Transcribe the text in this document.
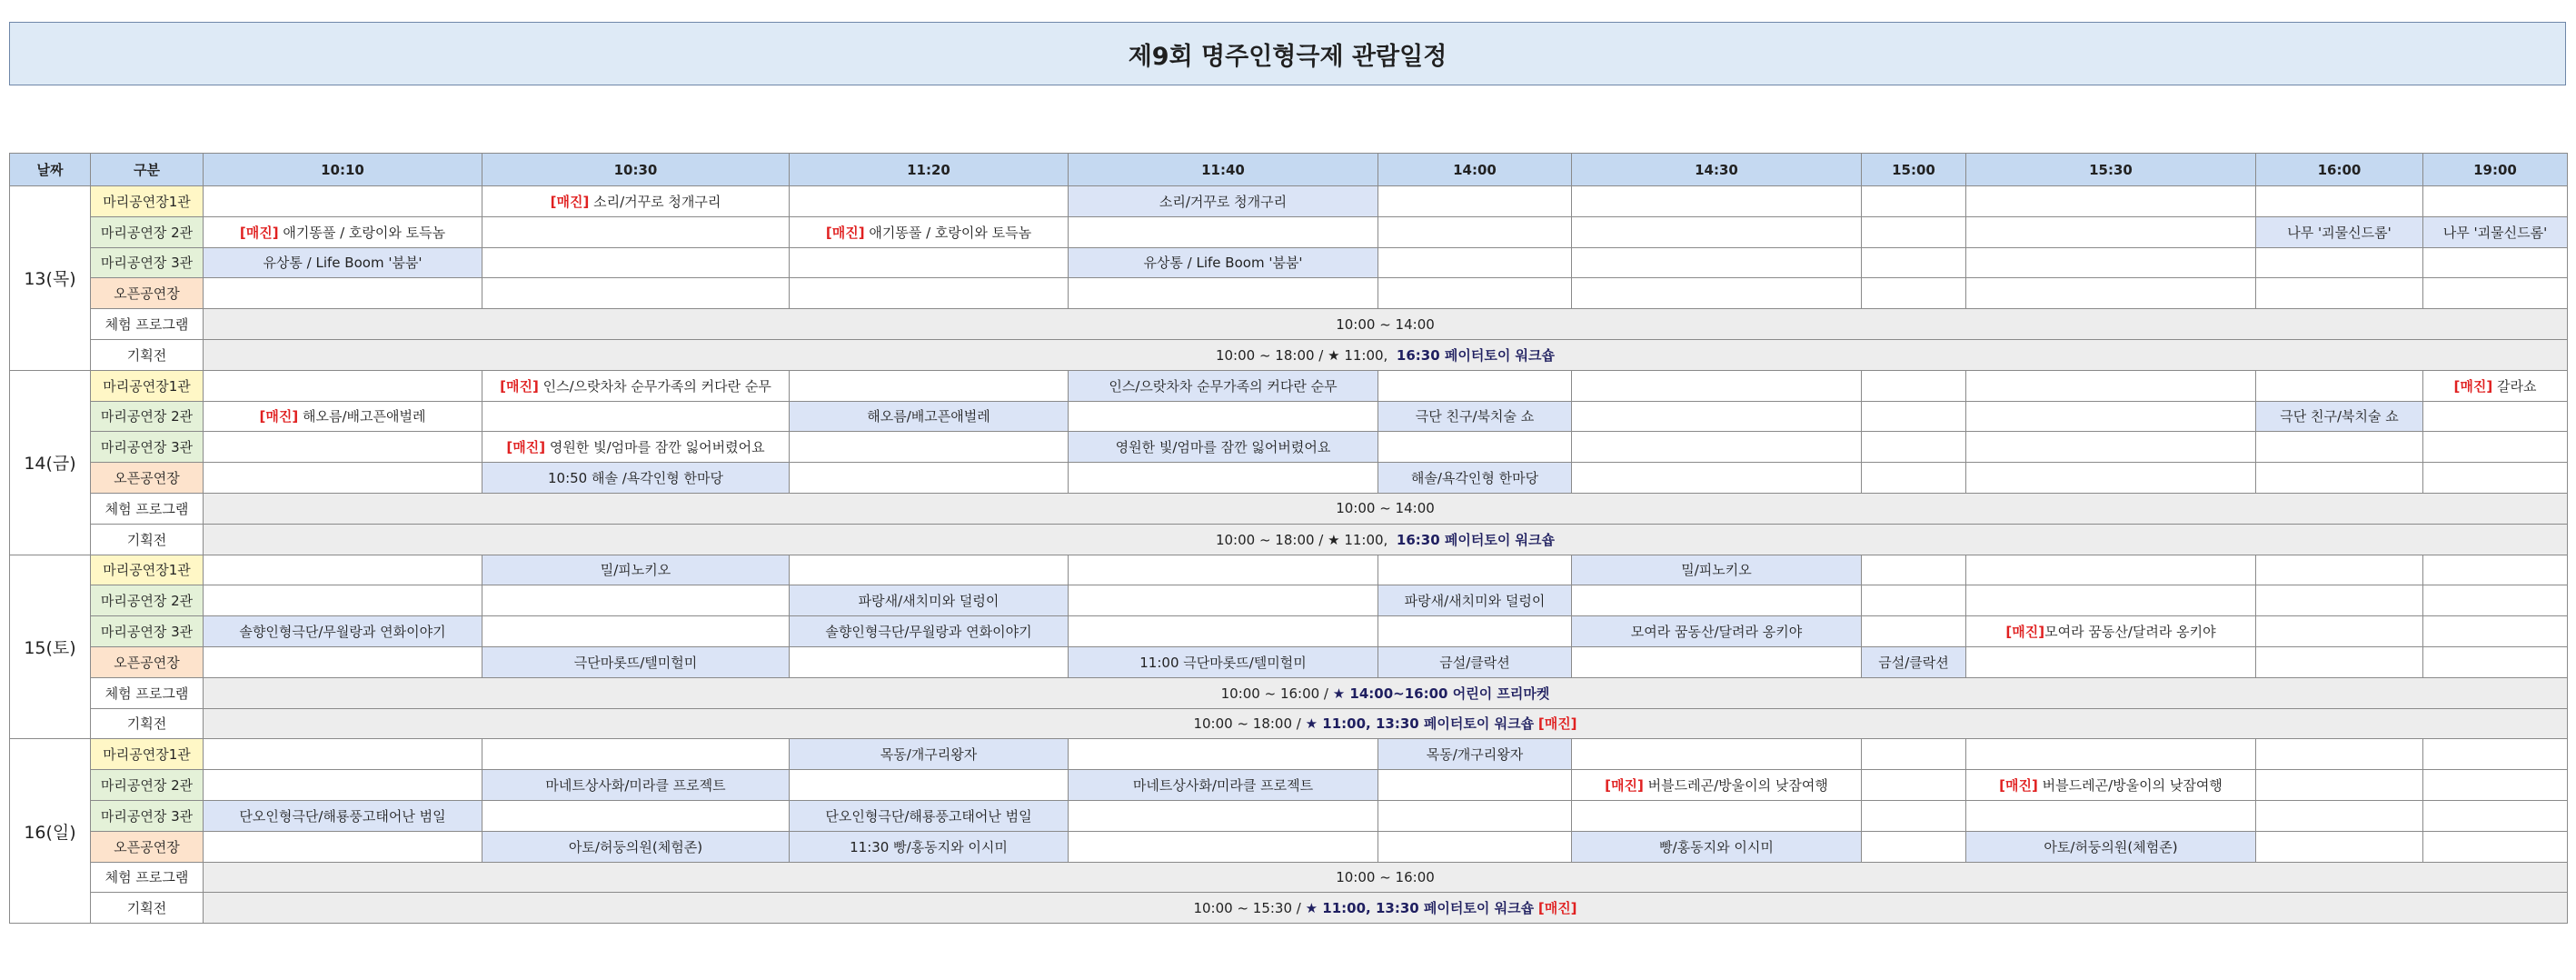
제9회 명주인형극제 관람일정
날짜	구분	10:10	10:30	11:20	11:40	14:00	14:30	15:00	15:30	16:00	19:00
13(목)	마리공연장1관		[매진] 소리/거꾸로 청개구리		소리/거꾸로 청개구리						
	마리공연장 2관	[매진] 애기똥풀 / 호랑이와 토득놈		[매진] 애기똥풀 / 호랑이와 토득놈						나무 '괴물신드롬'	나무 '괴물신드롬'
	마리공연장 3관	유상통 / Life Boom '붐붐'			유상통 / Life Boom '붐붐'						
	오픈공연장										
	체험 프로그램	10:00 ~ 14:00									
	기획전	10:00 ~ 18:00 / ★ 11:00, 16:30 페이터토이 워크숍									
14(금)	마리공연장1관		[매진] 인스/으랏차차 순무가족의 커다란 순무		인스/으랏차차 순무가족의 커다란 순무						[매진] 갈라쇼
	마리공연장 2관	[매진] 해오름/배고픈애벌레		해오름/배고픈애벌레		극단 친구/북치술 쇼				극단 친구/북치술 쇼	
	마리공연장 3관		[매진] 영원한 빛/엄마를 잠깐 잃어버렸어요		영원한 빛/엄마를 잠깐 잃어버렸어요						
	오픈공연장		10:50 해솔 /욕각인형 한마당			해솔/욕각인형 한마당					
	체험 프로그램	10:00 ~ 14:00									
	기획전	10:00 ~ 18:00 / ★ 11:00, 16:30 페이터토이 워크숍									
15(토)	마리공연장1관		밀/피노키오				밀/피노키오				
	마리공연장 2관			파랑새/새치미와 덜렁이		파랑새/새치미와 덜렁이					
	마리공연장 3관	솔향인형극단/무월랑과 연화이야기		솔향인형극단/무월랑과 연화이야기			모여라 꿈동산/달려라 옹키야		[매진]모여라 꿈동산/달려라 옹키야		
	오픈공연장		극단마롯뜨/텔미헐미		11:00 극단마롯뜨/텔미헐미	금설/클락션		금설/클락션			
	체험 프로그램	10:00 ~ 16:00 / ★ 14:00~16:00 어린이 프리마켓									
	기획전	10:00 ~ 18:00 / ★ 11:00, 13:30 페이터토이 워크숍 [매진]									
16(일)	마리공연장1관			목동/개구리왕자		목동/개구리왕자					
	마리공연장 2관		마네트상사화/미라클 프로젝트		마네트상사화/미라클 프로젝트		[매진] 버블드레곤/방울이의 낮잠여행		[매진] 버블드레곤/방울이의 낮잠여행		
	마리공연장 3관	단오인형극단/해룡풍고태어난 범일		단오인형극단/해룡풍고태어난 범일							
	오픈공연장		아토/허둥의원(체험존)	11:30 빵/홍동지와 이시미			빵/홍동지와 이시미		아토/허둥의원(체험존)		
	체험 프로그램	10:00 ~ 16:00									
	기획전	10:00 ~ 15:30 / ★ 11:00, 13:30 페이터토이 워크숍 [매진]									
